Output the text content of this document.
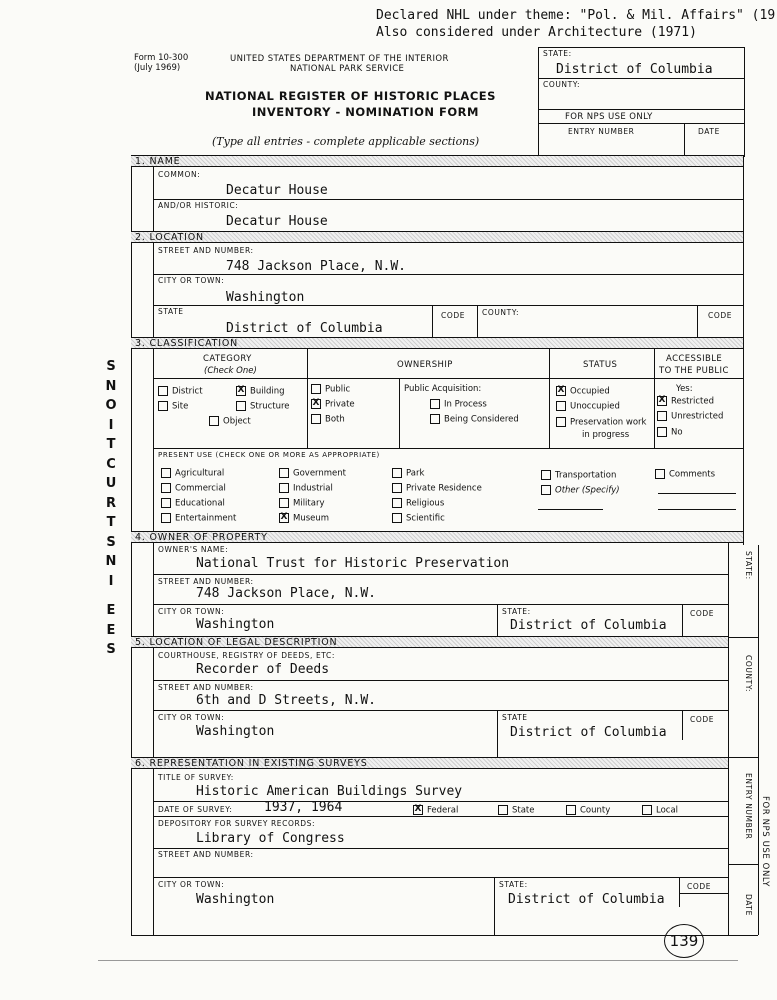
Declared NHL under theme: "Pol. & Mil. Affairs" (19
Also considered under Architecture (1971)
Form 10-300
(July 1969)
UNITED STATES DEPARTMENT OF THE INTERIOR
NATIONAL PARK SERVICE
NATIONAL REGISTER OF HISTORIC PLACES
INVENTORY - NOMINATION FORM
(Type all entries - complete applicable sections)
STATE:
District of Columbia
COUNTY:
FOR NPS USE ONLY
ENTRY NUMBER	DATE
S
N
O
I
T
C
U
R
T
S
N
I
E
E
S
1. NAME
COMMON:
Decatur House
AND/OR HISTORIC:
Decatur House
2. LOCATION
STREET AND NUMBER:
748 Jackson Place, N.W.
CITY OR TOWN:
Washington
STATE
District of Columbia
CODE COUNTY:	CODE
3. CLASSIFICATION
CATEGORY
(Check One)
OWNERSHIP	STATUS
ACCESSIBLE
TO THE PUBLIC
District	X Building
Site	Structure
Object
Public
X Private
Both
Public Acquisition:
In Process
Being Considered
X Occupied
Unoccupied
Preservation work
in progress
Yes:
X Restricted
Unrestricted
No
PRESENT USE (CHECK ONE OR MORE AS APPROPRIATE)
Agricultural
Commercial
Educational
Entertainment
Government
Industrial
Military
X Museum
Park
Private Residence
Religious
Scientific
Transportation
Other (Specify)
Comments
4. OWNER OF PROPERTY
OWNER'S NAME:
National Trust for Historic Preservation
STREET AND NUMBER:
748 Jackson Place, N.W.
CITY OR TOWN:
Washington
STATE:
District of Columbia
CODE
5. LOCATION OF LEGAL DESCRIPTION
COURTHOUSE, REGISTRY OF DEEDS, ETC:
Recorder of Deeds
STREET AND NUMBER:
6th and D Streets, N.W.
CITY OR TOWN:
Washington
STATE
District of Columbia
CODE
6. REPRESENTATION IN EXISTING SURVEYS
TITLE OF SURVEY:
Historic American Buildings Survey
DATE OF SURVEY: 1937, 1964	X Federal	State	County	Local
DEPOSITORY FOR SURVEY RECORDS:
Library of Congress
STREET AND NUMBER:
CITY OR TOWN:
Washington
STATE:
District of Columbia
CODE
STATE:
COUNTY:
ENTRY NUMBER
DATE
FOR NPS USE ONLY
139
